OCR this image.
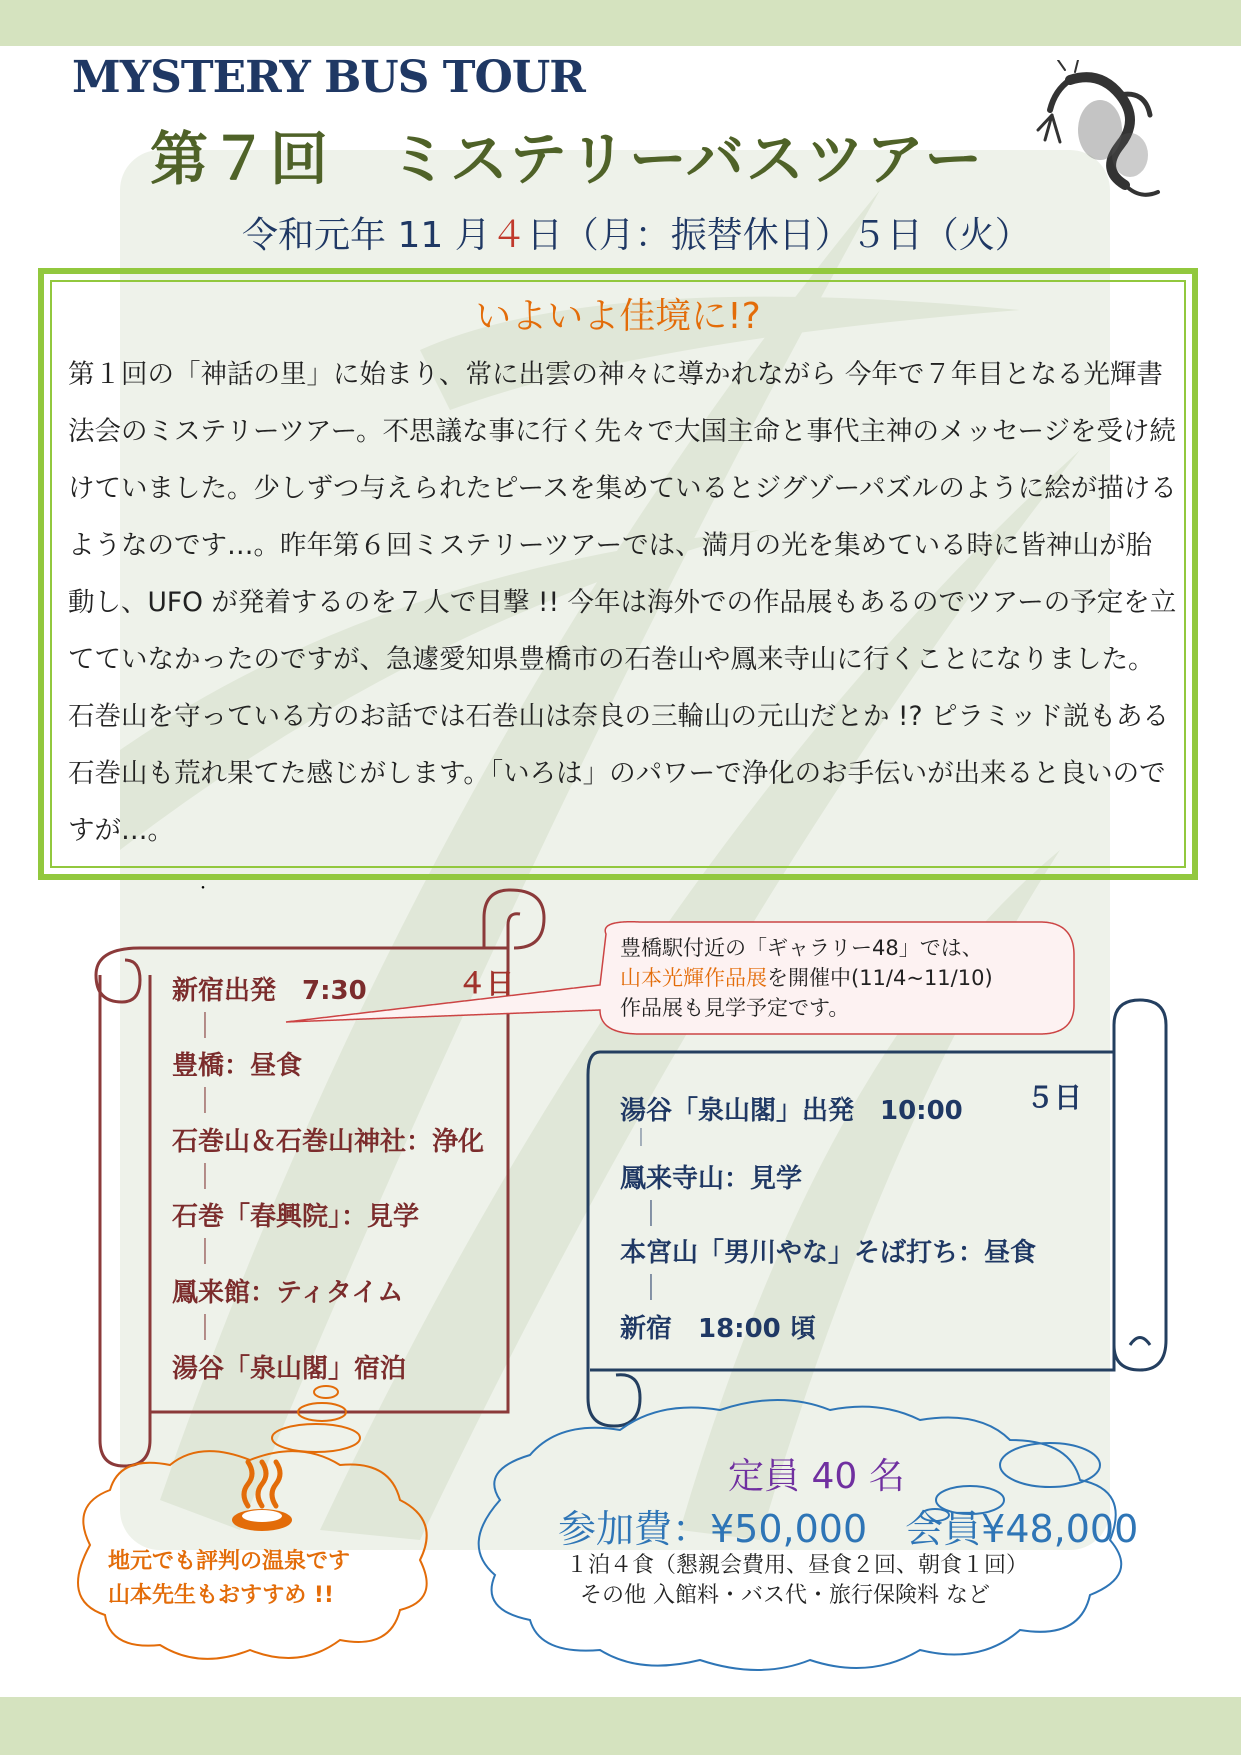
MYSTERY BUS TOUR
第７回　ミステリーバスツアー
令和元年 11 月４日（月：振替休日）５日（火）
いよいよ佳境に!?
第１回の「神話の里」に始まり、常に出雲の神々に導かれながら 今年で７年目となる光輝書法会のミステリーツアー。不思議な事に行く先々で大国主命と事代主神のメッセージを受け続けていました。少しずつ与えられたピースを集めているとジグゾーパズルのように絵が描けるようなのです…。昨年第６回ミステリーツアーでは、満月の光を集めている時に皆神山が胎動し、UFO が発着するのを７人で目撃 !! 今年は海外での作品展もあるのでツアーの予定を立てていなかったのですが、急遽愛知県豊橋市の石巻山や鳳来寺山に行くことになりました。石巻山を守っている方のお話では石巻山は奈良の三輪山の元山だとか !? ピラミッド説もある石巻山も荒れ果てた感じがします。「いろは」のパワーで浄化のお手伝いが出来ると良いのですが…。
・
４日
新宿出発　7:30
｜
豊橋：昼食
｜
石巻山＆石巻山神社：浄化
｜
石巻「春興院」：見学
｜
鳳来館：ティタイム
｜
湯谷「泉山閣」宿泊
豊橋駅付近の「ギャラリー48」では、
山本光輝作品展を開催中(11/4~11/10)
作品展も見学予定です。
５日
湯谷「泉山閣」出発　10:00
｜
鳳来寺山：見学
｜
本宮山「男川やな」そば打ち：昼食
｜
新宿　18:00 頃
地元でも評判の温泉です
山本先生もおすすめ !!
定員 40 名
参加費：¥50,000　会員¥48,000
１泊４食（懇親会費用、昼食２回、朝食１回）
その他 入館料・バス代・旅行保険料 など
